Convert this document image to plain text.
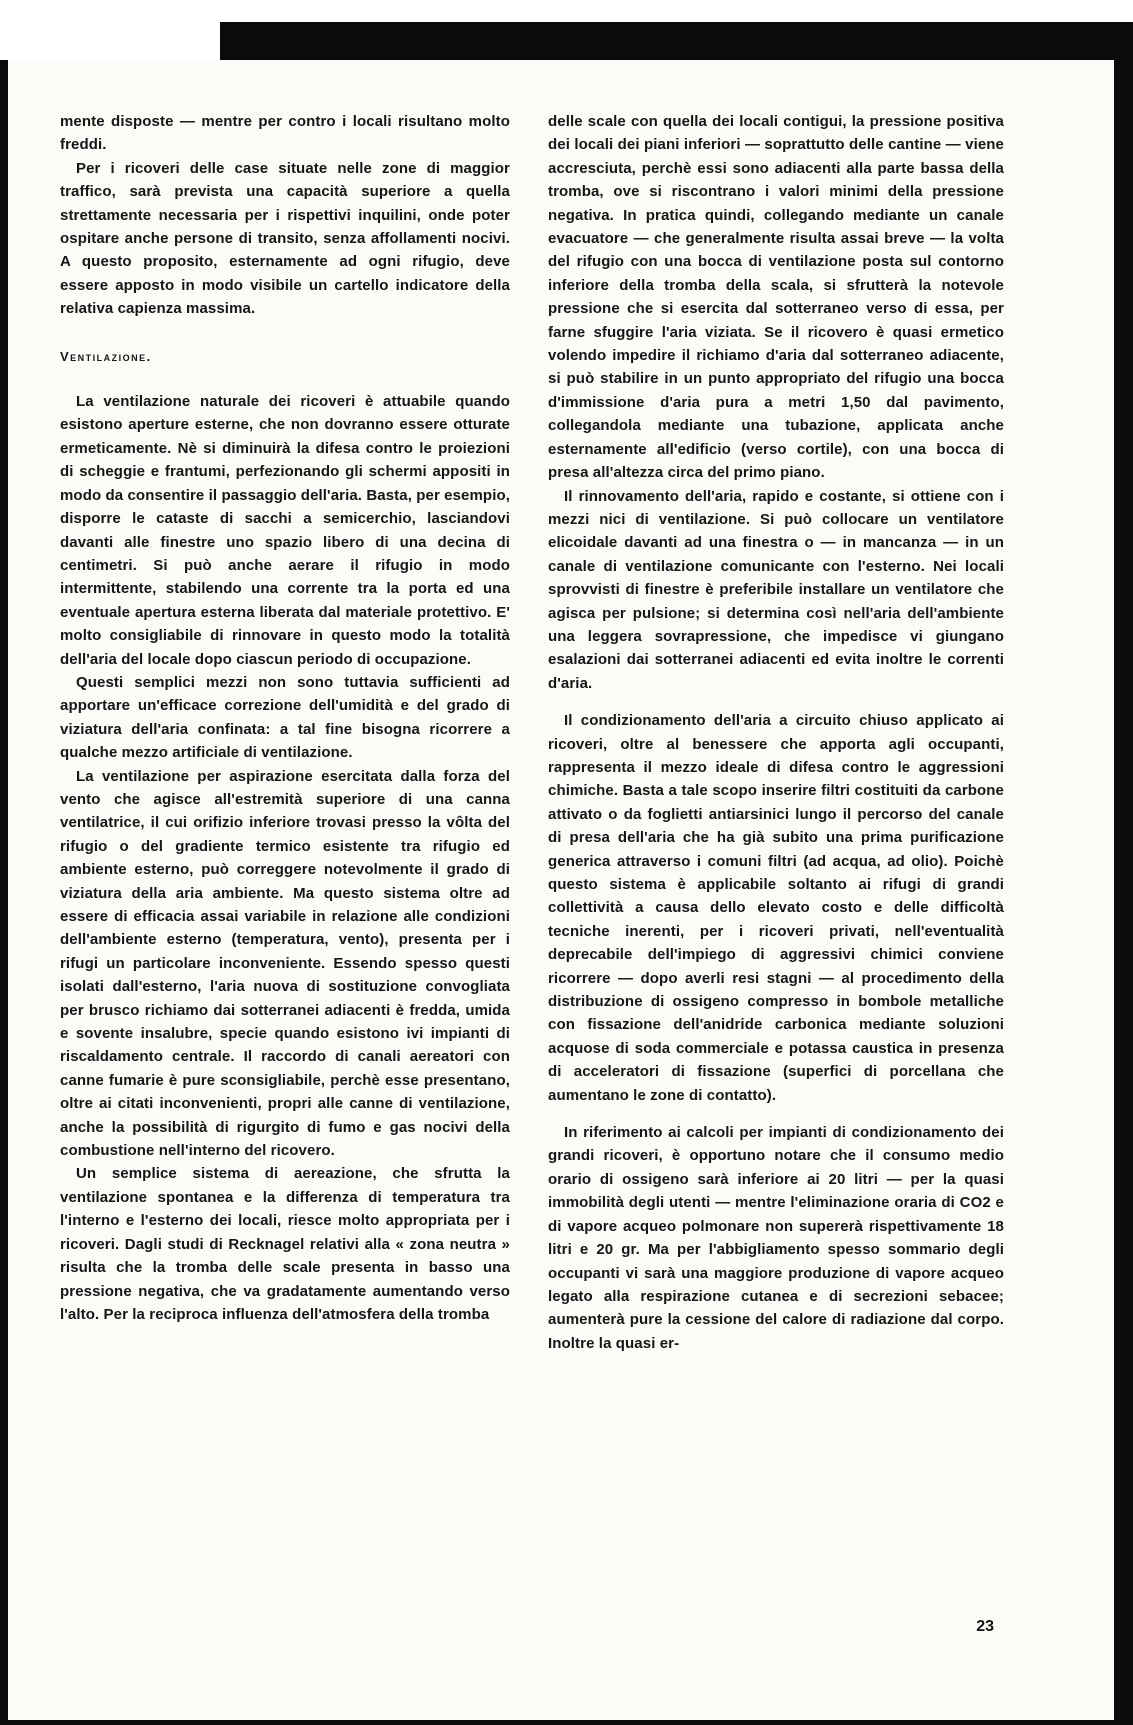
mente disposte — mentre per contro i locali risultano molto freddi.

Per i ricoveri delle case situate nelle zone di maggior traffico, sarà prevista una capacità superiore a quella strettamente necessaria per i rispettivi inquilini, onde poter ospitare anche persone di transito, senza affollamenti nocivi. A questo proposito, esternamente ad ogni rifugio, deve essere apposto in modo visibile un cartello indicatore della relativa capienza massima.

Ventilazione.

La ventilazione naturale dei ricoveri è attuabile quando esistono aperture esterne, che non dovranno essere otturate ermeticamente. Nè si diminuirà la difesa contro le proiezioni di scheggie e frantumi, perfezionando gli schermi appositi in modo da consentire il passaggio dell'aria. Basta, per esempio, disporre le cataste di sacchi a semicerchio, lasciandovi davanti alle finestre uno spazio libero di una decina di centimetri. Si può anche aerare il rifugio in modo intermittente, stabilendo una corrente tra la porta ed una eventuale apertura esterna liberata dal materiale protettivo. E' molto consigliabile di rinnovare in questo modo la totalità dell'aria del locale dopo ciascun periodo di occupazione.

Questi semplici mezzi non sono tuttavia sufficienti ad apportare un'efficace correzione dell'umidità e del grado di viziatura dell'aria confinata: a tal fine bisogna ricorrere a qualche mezzo artificiale di ventilazione.

La ventilazione per aspirazione esercitata dalla forza del vento che agisce all'estremità superiore di una canna ventilatrice, il cui orifizio inferiore trovasi presso la vôlta del rifugio o del gradiente termico esistente tra rifugio ed ambiente esterno, può correggere notevolmente il grado di viziatura della aria ambiente. Ma questo sistema oltre ad essere di efficacia assai variabile in relazione alle condizioni dell'ambiente esterno (temperatura, vento), presenta per i rifugi un particolare inconveniente. Essendo spesso questi isolati dall'esterno, l'aria nuova di sostituzione convogliata per brusco richiamo dai sotterranei adiacenti è fredda, umida e sovente insalubre, specie quando esistono ivi impianti di riscaldamento centrale. Il raccordo di canali aereatori con canne fumarie è pure sconsigliabile, perchè esse presentano, oltre ai citati inconvenienti, propri alle canne di ventilazione, anche la possibilità di rigurgito di fumo e gas nocivi della combustione nell'interno del ricovero.

Un semplice sistema di aereazione, che sfrutta la ventilazione spontanea e la differenza di temperatura tra l'interno e l'esterno dei locali, riesce molto appropriata per i ricoveri. Dagli studi di Recknagel relativi alla « zona neutra » risulta che la tromba delle scale presenta in basso una pressione negativa, che va gradatamente aumentando verso l'alto. Per la reciproca influenza dell'atmosfera della tromba

delle scale con quella dei locali contigui, la pressione positiva dei locali dei piani inferiori — soprattutto delle cantine — viene accresciuta, perchè essi sono adiacenti alla parte bassa della tromba, ove si riscontrano i valori minimi della pressione negativa. In pratica quindi, collegando mediante un canale evacuatore — che generalmente risulta assai breve — la volta del rifugio con una bocca di ventilazione posta sul contorno inferiore della tromba della scala, si sfrutterà la notevole pressione che si esercita dal sotterraneo verso di essa, per farne sfuggire l'aria viziata. Se il ricovero è quasi ermetico volendo impedire il richiamo d'aria dal sotterraneo adiacente, si può stabilire in un punto appropriato del rifugio una bocca d'immissione d'aria pura a metri 1,50 dal pavimento, collegandola mediante una tubazione, applicata anche esternamente all'edificio (verso cortile), con una bocca di presa all'altezza circa del primo piano.

Il rinnovamento dell'aria, rapido e costante, si ottiene con i mezzi nici di ventilazione. Si può collocare un ventilatore elicoidale davanti ad una finestra o — in mancanza — in un canale di ventilazione comunicante con l'esterno. Nei locali sprovvisti di finestre è preferibile installare un ventilatore che agisca per pulsione; si determina così nell'aria dell'ambiente una leggera sovrapressione, che impedisce vi giungano esalazioni dai sotterranei adiacenti ed evita inoltre le correnti d'aria.

Il condizionamento dell'aria a circuito chiuso applicato ai ricoveri, oltre al benessere che apporta agli occupanti, rappresenta il mezzo ideale di difesa contro le aggressioni chimiche. Basta a tale scopo inserire filtri costituiti da carbone attivato o da foglietti antiarsinici lungo il percorso del canale di presa dell'aria che ha già subito una prima purificazione generica attraverso i comuni filtri (ad acqua, ad olio). Poichè questo sistema è applicabile soltanto ai rifugi di grandi collettività a causa dello elevato costo e delle difficoltà tecniche inerenti, per i ricoveri privati, nell'eventualità deprecabile dell'impiego di aggressivi chimici conviene ricorrere — dopo averli resi stagni — al procedimento della distribuzione di ossigeno compresso in bombole metalliche con fissazione dell'anidride carbonica mediante soluzioni acquose di soda commerciale e potassa caustica in presenza di acceleratori di fissazione (superfici di porcellana che aumentano le zone di contatto).

In riferimento ai calcoli per impianti di condizionamento dei grandi ricoveri, è opportuno notare che il consumo medio orario di ossigeno sarà inferiore ai 20 litri — per la quasi immobilità degli utenti — mentre l'eliminazione oraria di CO2 e di vapore acqueo polmonare non supererà rispettivamente 18 litri e 20 gr. Ma per l'abbigliamento spesso sommario degli occupanti vi sarà una maggiore produzione di vapore acqueo legato alla respirazione cutanea e di secrezioni sebacee; aumenterà pure la cessione del calore di radiazione dal corpo. Inoltre la quasi er-

23
